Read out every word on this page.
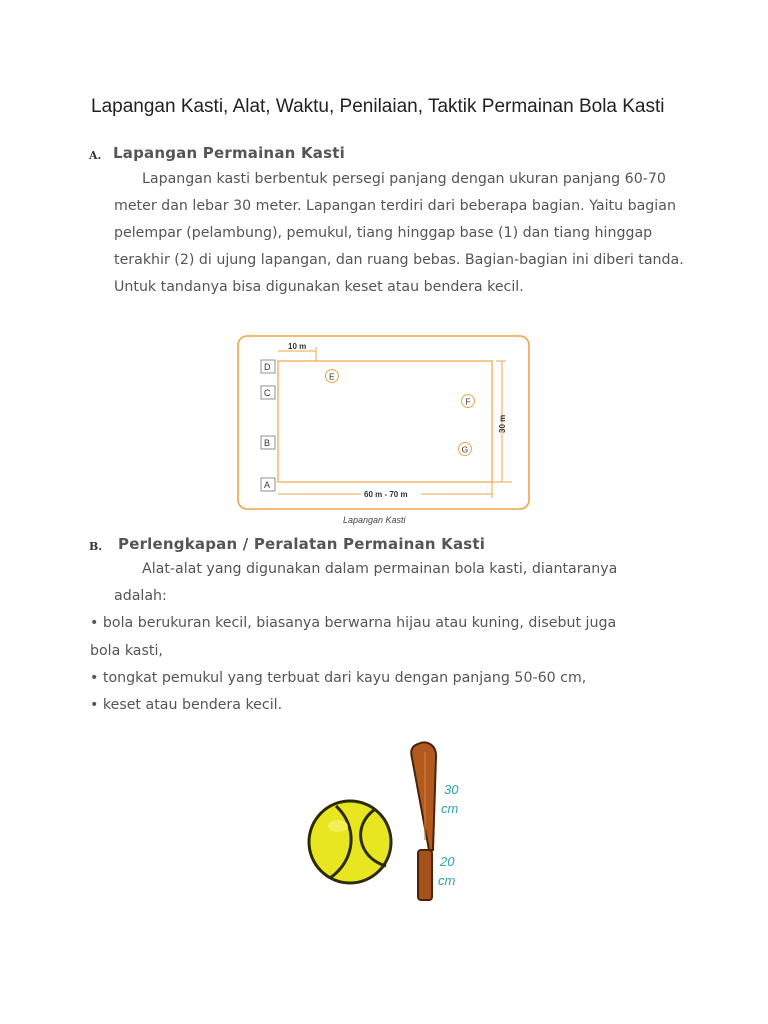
Lapangan Kasti, Alat, Waktu, Penilaian, Taktik Permainan Bola Kasti
A. Lapangan Permainan Kasti
Lapangan kasti berbentuk persegi panjang dengan ukuran panjang 60-70 meter dan lebar 30 meter. Lapangan terdiri dari beberapa bagian. Yaitu bagian pelempar (pelambung), pemukul, tiang hinggap base (1) dan tiang hinggap terakhir (2) di ujung lapangan, dan ruang bebas. Bagian-bagian ini diberi tanda. Untuk tandanya bisa digunakan keset atau bendera kecil.
10 m
30 m
60 m - 70 m
D
C
B
A
E
F
G
Lapangan Kasti
B. Perlengkapan / Peralatan Permainan Kasti
Alat-alat yang digunakan dalam permainan bola kasti, diantaranya
adalah:
• bola berukuran kecil, biasanya berwarna hijau atau kuning, disebut juga
bola kasti,
• tongkat pemukul yang terbuat dari kayu dengan panjang 50-60 cm,
• keset atau bendera kecil.
30
cm
20
cm
